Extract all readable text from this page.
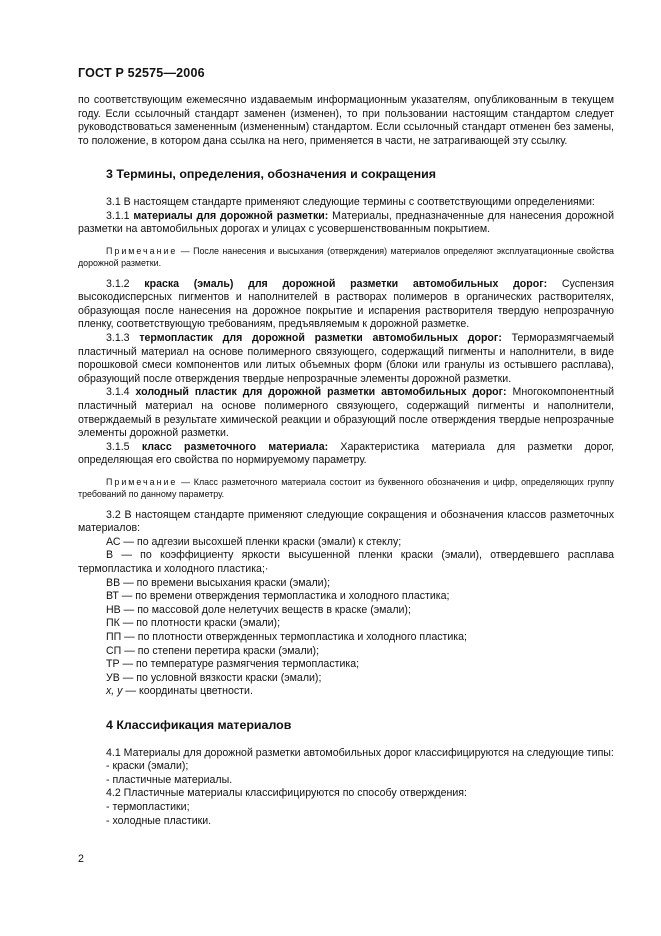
ГОСТ Р 52575—2006

по соответствующим ежемесячно издаваемым информационным указателям, опубликованным в текущем году. Если ссылочный стандарт заменен (изменен), то при пользовании настоящим стандартом следует руководствоваться замененным (измененным) стандартом. Если ссылочный стандарт отменен без замены, то положение, в котором дана ссылка на него, применяется в части, не затрагивающей эту ссылку.

3 Термины, определения, обозначения и сокращения

3.1 В настоящем стандарте применяют следующие термины с соответствующими определениями:

3.1.1 материалы для дорожной разметки: Материалы, предназначенные для нанесения дорожной разметки на автомобильных дорогах и улицах с усовершенствованным покрытием.

Примечание — После нанесения и высыхания (отверждения) материалов определяют эксплуатационные свойства дорожной разметки.

3.1.2 краска (эмаль) для дорожной разметки автомобильных дорог: Суспензия высокодисперсных пигментов и наполнителей в растворах полимеров в органических растворителях, образующая после нанесения на дорожное покрытие и испарения растворителя твердую непрозрачную пленку, соответствующую требованиям, предъявляемым к дорожной разметке.

3.1.3 термопластик для дорожной разметки автомобильных дорог: Терморазмягчаемый пластичный материал на основе полимерного связующего, содержащий пигменты и наполнители, в виде порошковой смеси компонентов или литых объемных форм (блоки или гранулы из остывшего расплава), образующий после отверждения твердые непрозрачные элементы дорожной разметки.

3.1.4 холодный пластик для дорожной разметки автомобильных дорог: Многокомпонентный пластичный материал на основе полимерного связующего, содержащий пигменты и наполнители, отверждаемый в результате химической реакции и образующий после отверждения твердые непрозрачные элементы дорожной разметки.

3.1.5 класс разметочного материала: Характеристика материала для разметки дорог, определяющая его свойства по нормируемому параметру.

Примечание — Класс разметочного материала состоит из буквенного обозначения и цифр, определяющих группу требований по данному параметру.

3.2 В настоящем стандарте применяют следующие сокращения и обозначения классов разметочных материалов:

АС — по адгезии высохшей пленки краски (эмали) к стеклу;

В — по коэффициенту яркости высушенной пленки краски (эмали), отвердевшего расплава термопластика и холодного пластика;·

ВВ — по времени высыхания краски (эмали);

ВТ — по времени отверждения термопластика и холодного пластика;

НВ — по массовой доле нелетучих веществ в краске (эмали);

ПК — по плотности краски (эмали);

ПП — по плотности отвержденных термопластика и холодного пластика;

СП — по степени перетира краски (эмали);

ТР — по температуре размягчения термопластика;

УВ — по условной вязкости краски (эмали);

x, y — координаты цветности.

4 Классификация материалов

4.1 Материалы для дорожной разметки автомобильных дорог классифицируются на следующие типы:

- краски (эмали);

- пластичные материалы.

4.2 Пластичные материалы классифицируются по способу отверждения:

- термопластики;

- холодные пластики.

2
